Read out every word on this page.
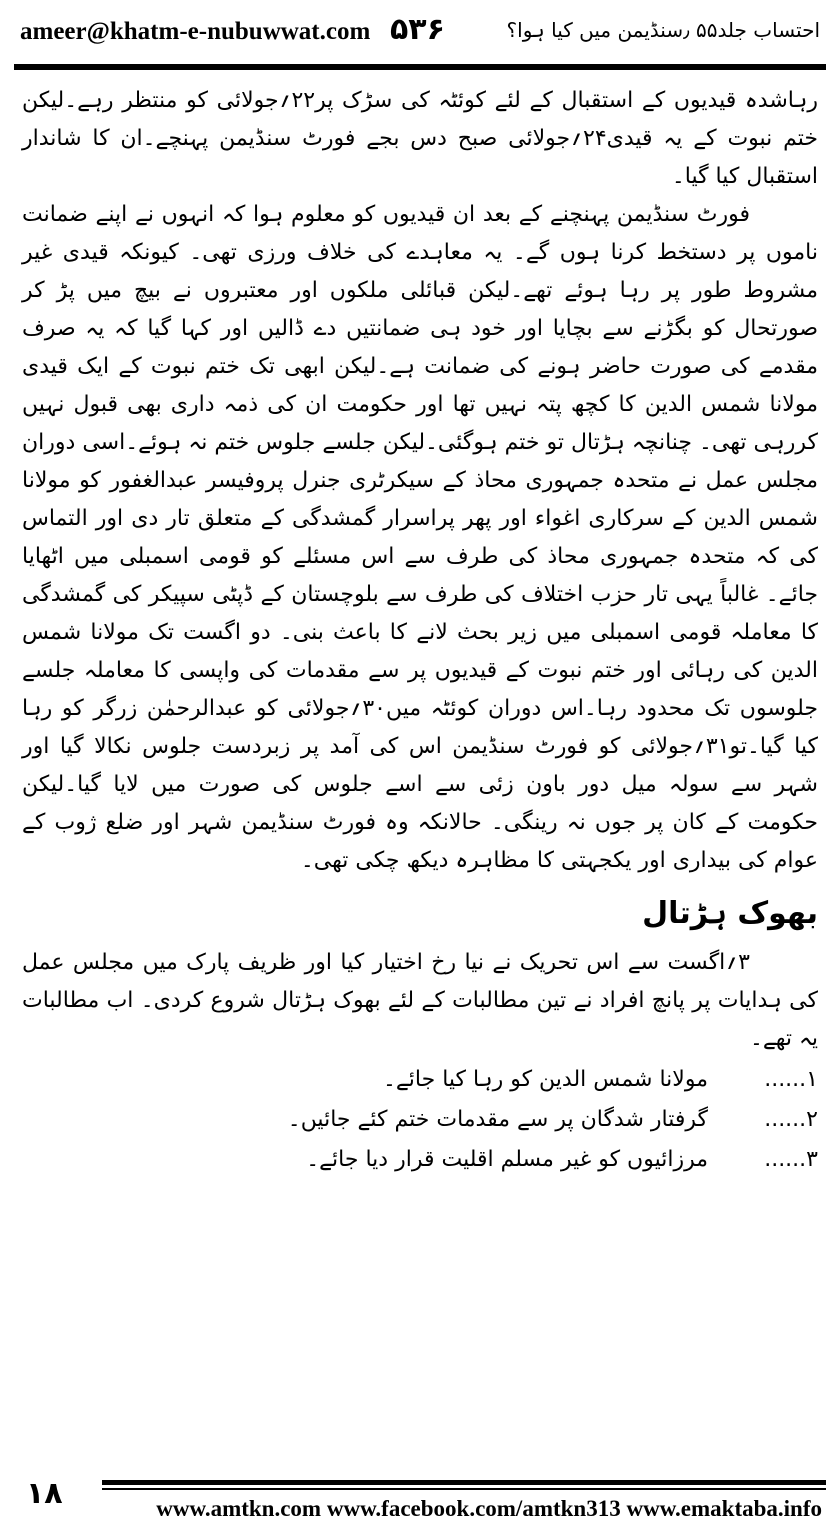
ameer@khatm-e-nubuwwat.com ۵۳۶	احتساب جلد۵۵ ٫سنڈیمن میں کیا ہوا؟

رہاشدہ قیدیوں کے استقبال کے لئے کوئٹہ کی سڑک پر۲۲؍جولائی کو منتظر رہے۔لیکن ختم نبوت کے یہ قیدی۲۴؍جولائی صبح دس بجے فورٹ سنڈیمن پہنچے۔ان کا شاندار استقبال کیا گیا۔

فورٹ سنڈیمن پہنچنے کے بعد ان قیدیوں کو معلوم ہوا کہ انہوں نے اپنے ضمانت ناموں پر دستخط کرنا ہوں گے۔ یہ معاہدے کی خلاف ورزی تھی۔ کیونکہ قیدی غیر مشروط طور پر رہا ہوئے تھے۔لیکن قبائلی ملکوں اور معتبروں نے بیچ میں پڑ کر صورتحال کو بگڑنے سے بچایا اور خود ہی ضمانتیں دے ڈالیں اور کہا گیا کہ یہ صرف مقدمے کی صورت حاضر ہونے کی ضمانت ہے۔لیکن ابھی تک ختم نبوت کے ایک قیدی مولانا شمس الدین کا کچھ پتہ نہیں تھا اور حکومت ان کی ذمہ داری بھی قبول نہیں کررہی تھی۔ چنانچہ ہڑتال تو ختم ہوگئی۔لیکن جلسے جلوس ختم نہ ہوئے۔اسی دوران مجلس عمل نے متحدہ جمہوری محاذ کے سیکرٹری جنرل پروفیسر عبدالغفور کو مولانا شمس الدین کے سرکاری اغواء اور پھر پراسرار گمشدگی کے متعلق تار دی اور التماس کی کہ متحدہ جمہوری محاذ کی طرف سے اس مسئلے کو قومی اسمبلی میں اٹھایا جائے۔ غالباً یہی تار حزب اختلاف کی طرف سے بلوچستان کے ڈپٹی سپیکر کی گمشدگی کا معاملہ قومی اسمبلی میں زیر بحث لانے کا باعث بنی۔ دو اگست تک مولانا شمس الدین کی رہائی اور ختم نبوت کے قیدیوں پر سے مقدمات کی واپسی کا معاملہ جلسے جلوسوں تک محدود رہا۔اس دوران کوئٹہ میں۳۰؍جولائی کو عبدالرحمٰن زرگر کو رہا کیا گیا۔تو۳۱؍جولائی کو فورٹ سنڈیمن اس کی آمد پر زبردست جلوس نکالا گیا اور شہر سے سولہ میل دور باون زئی سے اسے جلوس کی صورت میں لایا گیا۔لیکن حکومت کے کان پر جوں نہ رینگی۔ حالانکہ وہ فورٹ سنڈیمن شہر اور ضلع ژوب کے عوام کی بیداری اور یکجہتی کا مظاہرہ دیکھ چکی تھی۔

بھوک ہڑتال

۳؍اگست سے اس تحریک نے نیا رخ اختیار کیا اور ظریف پارک میں مجلس عمل کی ہدایات پر پانچ افراد نے تین مطالبات کے لئے بھوک ہڑتال شروع کردی۔ اب مطالبات یہ تھے۔

۱......
مولانا شمس الدین کو رہا کیا جائے۔
۲......
گرفتار شدگان پر سے مقدمات ختم کئے جائیں۔
۳......
مرزائیوں کو غیر مسلم اقلیت قرار دیا جائے۔
۱۸	www.amtkn.com www.facebook.com/amtkn313 www.emaktaba.info
